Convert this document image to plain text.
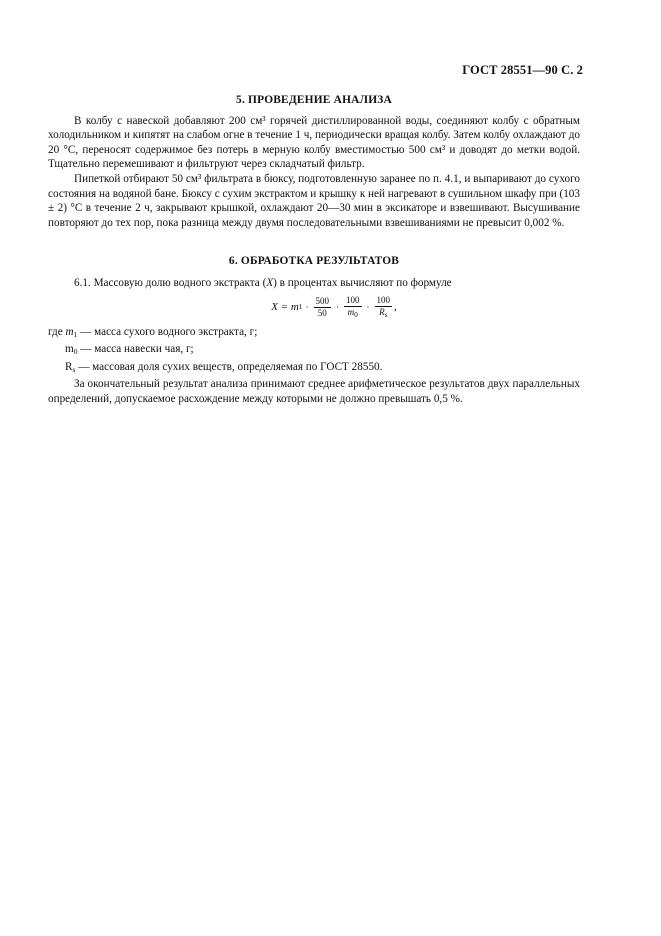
ГОСТ 28551—90 С. 2
5. ПРОВЕДЕНИЕ АНАЛИЗА

В колбу с навеской добавляют 200 см³ горячей дистиллированной воды, соединяют колбу с обратным холодильником и кипятят на слабом огне в течение 1 ч, периодически вращая колбу. Затем колбу охлаждают до 20 °С, переносят содержимое без потерь в мерную колбу вместимостью 500 см³ и доводят до метки водой. Тщательно перемешивают и фильтруют через складчатый фильтр.

Пипеткой отбирают 50 см³ фильтрата в бюксу, подготовленную заранее по п. 4.1, и выпаривают до сухого состояния на водяной бане. Бюксу с сухим экстрактом и крышку к ней нагревают в сушильном шкафу при (103 ± 2) °С в течение 2 ч, закрывают крышкой, охлаждают 20—30 мин в эксикаторе и взвешивают. Высушивание повторяют до тех пор, пока разница между двумя последовательными взвешиваниями не превысит 0,002 %.

6. ОБРАБОТКА РЕЗУЛЬТАТОВ

6.1. Массовую долю водного экстракта (X) в процентах вычисляют по формуле

X = m $1 \cdot \frac{500}{50} \cdot \frac{100}{m_0} \cdot \frac{100}{R_s}$ ,

где $m_1$ — масса сухого водного экстракта, г;

$m_0$ — масса навески чая, г;

$R_s$ — массовая доля сухих веществ, определяемая по ГОСТ 28550.

За окончательный результат анализа принимают среднее арифметическое результатов двух параллельных определений, допускаемое расхождение между которыми не должно превышать 0,5 %.
